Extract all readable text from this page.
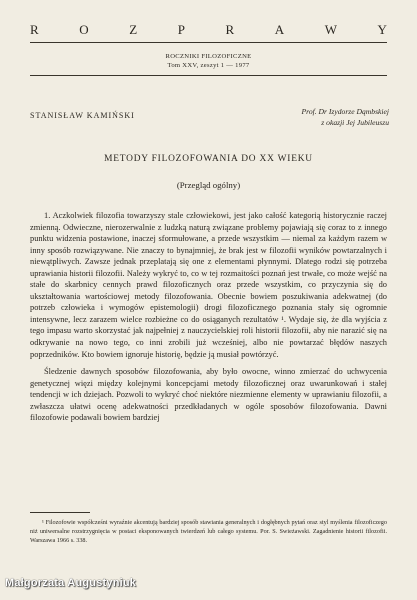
R	O	Z	P	R	A	W	Y
ROCZNIKI FILOZOFICZNE
Tom XXV, zeszyt 1 — 1977
STANISŁAW KAMIŃSKI	Prof. Dr Izydorze Dąmbskiej
z okazji Jej Jubileuszu
METODY FILOZOFOWANIA DO XX WIEKU
(Przegląd ogólny)

1. Aczkolwiek filozofia towarzyszy stale człowiekowi, jest jako całość kategorią historycznie raczej zmienną. Odwieczne, nierozerwalnie z ludzką naturą związane problemy pojawiają się coraz to z innego punktu widzenia postawione, inaczej sformułowane, a przede wszystkim — niemal za każdym razem w inny sposób rozwiązywane. Nie znaczy to bynajmniej, że brak jest w filozofii wyników powtarzalnych i niewątpliwych. Zawsze jednak przeplatają się one z elementami płynnymi. Dlatego rodzi się potrzeba uprawiania historii filozofii. Należy wykryć to, co w tej rozmaitości poznań jest trwałe, co może wejść na stałe do skarbnicy cennych prawd filozoficznych oraz przede wszystkim, co przyczynia się do ukształtowania wartościowej metody filozofowania. Obecnie bowiem poszukiwania adekwatnej (do potrzeb człowieka i wymogów epistemologii) drogi filozoficznego poznania stały się ogromnie intensywne, lecz zarazem wielce rozbieżne co do osiąganych rezultatów ¹. Wydaje się, że dla wyjścia z tego impasu warto skorzystać jak najpełniej z nauczycielskiej roli historii filozofii, aby nie narazić się na odkrywanie na nowo tego, co inni zrobili już wcześniej, albo nie powtarzać błędów naszych poprzedników. Kto bowiem ignoruje historię, będzie ją musiał powtórzyć.

Śledzenie dawnych sposobów filozofowania, aby było owocne, winno zmierzać do uchwycenia genetycznej więzi między kolejnymi koncepcjami metody filozoficznej oraz uwarunkowań i stałej tendencji w ich dziejach. Pozwoli to wykryć choć niektóre niezmienne elementy w uprawianiu filozofii, a zwłaszcza ułatwi ocenę adekwatności przedkładanych w ogóle sposobów filozofowania. Dawni filozofowie podawali bowiem bardziej

¹ Filozofowie współcześni wyraźnie akcentują bardziej sposób stawiania generalnych i dogłębnych pytań oraz styl myślenia filozoficzego niż uniwersalne rozstrzygnięcia w postaci eksponowanych twierdzeń lub całego systemu. Por. S. Swieżawski. Zagadnienie historii filozofii. Warszawa 1966 s. 338.
Małgorzata Augustyniuk
